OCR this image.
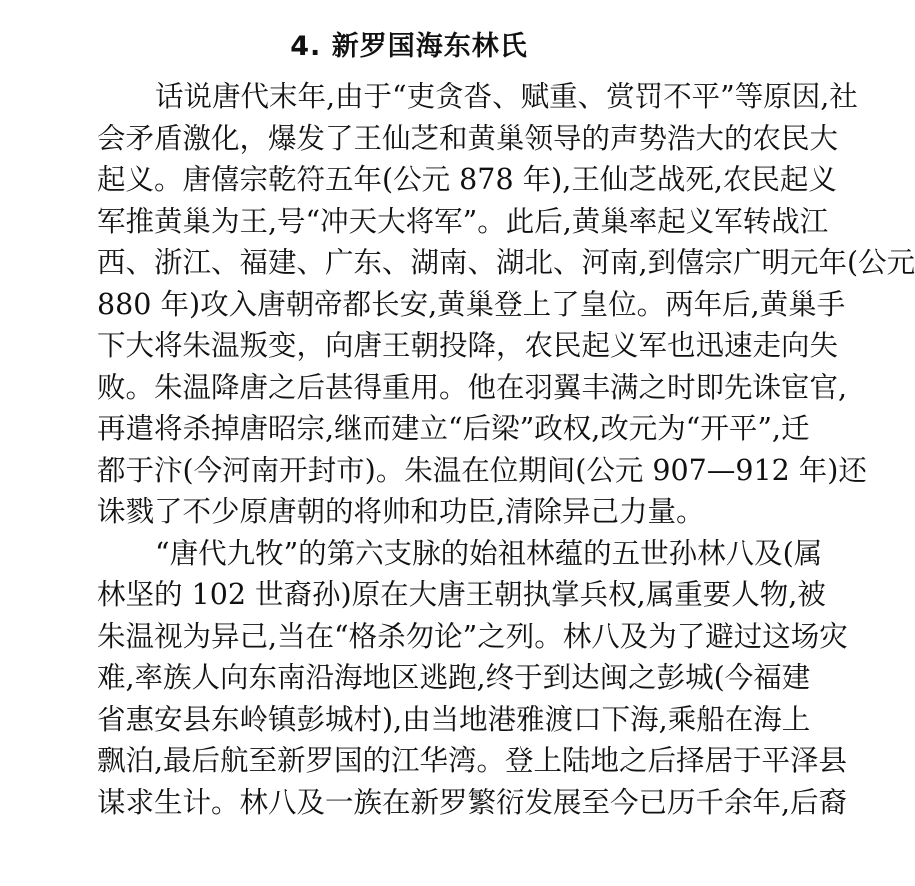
4. 新罗国海东林氏
话说唐代末年,由于“吏贪沓、赋重、赏罚不平”等原因,社
会矛盾激化，爆发了王仙芝和黄巢领导的声势浩大的农民大
起义。唐僖宗乾符五年(公元 878 年),王仙芝战死,农民起义
军推黄巢为王,号“冲天大将军”。此后,黄巢率起义军转战江
西、浙江、福建、广东、湖南、湖北、河南,到僖宗广明元年(公元
880 年)攻入唐朝帝都长安,黄巢登上了皇位。两年后,黄巢手
下大将朱温叛变，向唐王朝投降，农民起义军也迅速走向失
败。朱温降唐之后甚得重用。他在羽翼丰满之时即先诛宦官,
再遣将杀掉唐昭宗,继而建立“后梁”政权,改元为“开平”,迁
都于汴(今河南开封市)。朱温在位期间(公元 907—912 年)还
诛戮了不少原唐朝的将帅和功臣,清除异己力量。
“唐代九牧”的第六支脉的始祖林蕴的五世孙林八及(属
林坚的 102 世裔孙)原在大唐王朝执掌兵权,属重要人物,被
朱温视为异己,当在“格杀勿论”之列。林八及为了避过这场灾
难,率族人向东南沿海地区逃跑,终于到达闽之彭城(今福建
省惠安县东岭镇彭城村),由当地港雅渡口下海,乘船在海上
飘泊,最后航至新罗国的江华湾。登上陆地之后择居于平泽县
谋求生计。林八及一族在新罗繁衍发展至今已历千余年,后裔
